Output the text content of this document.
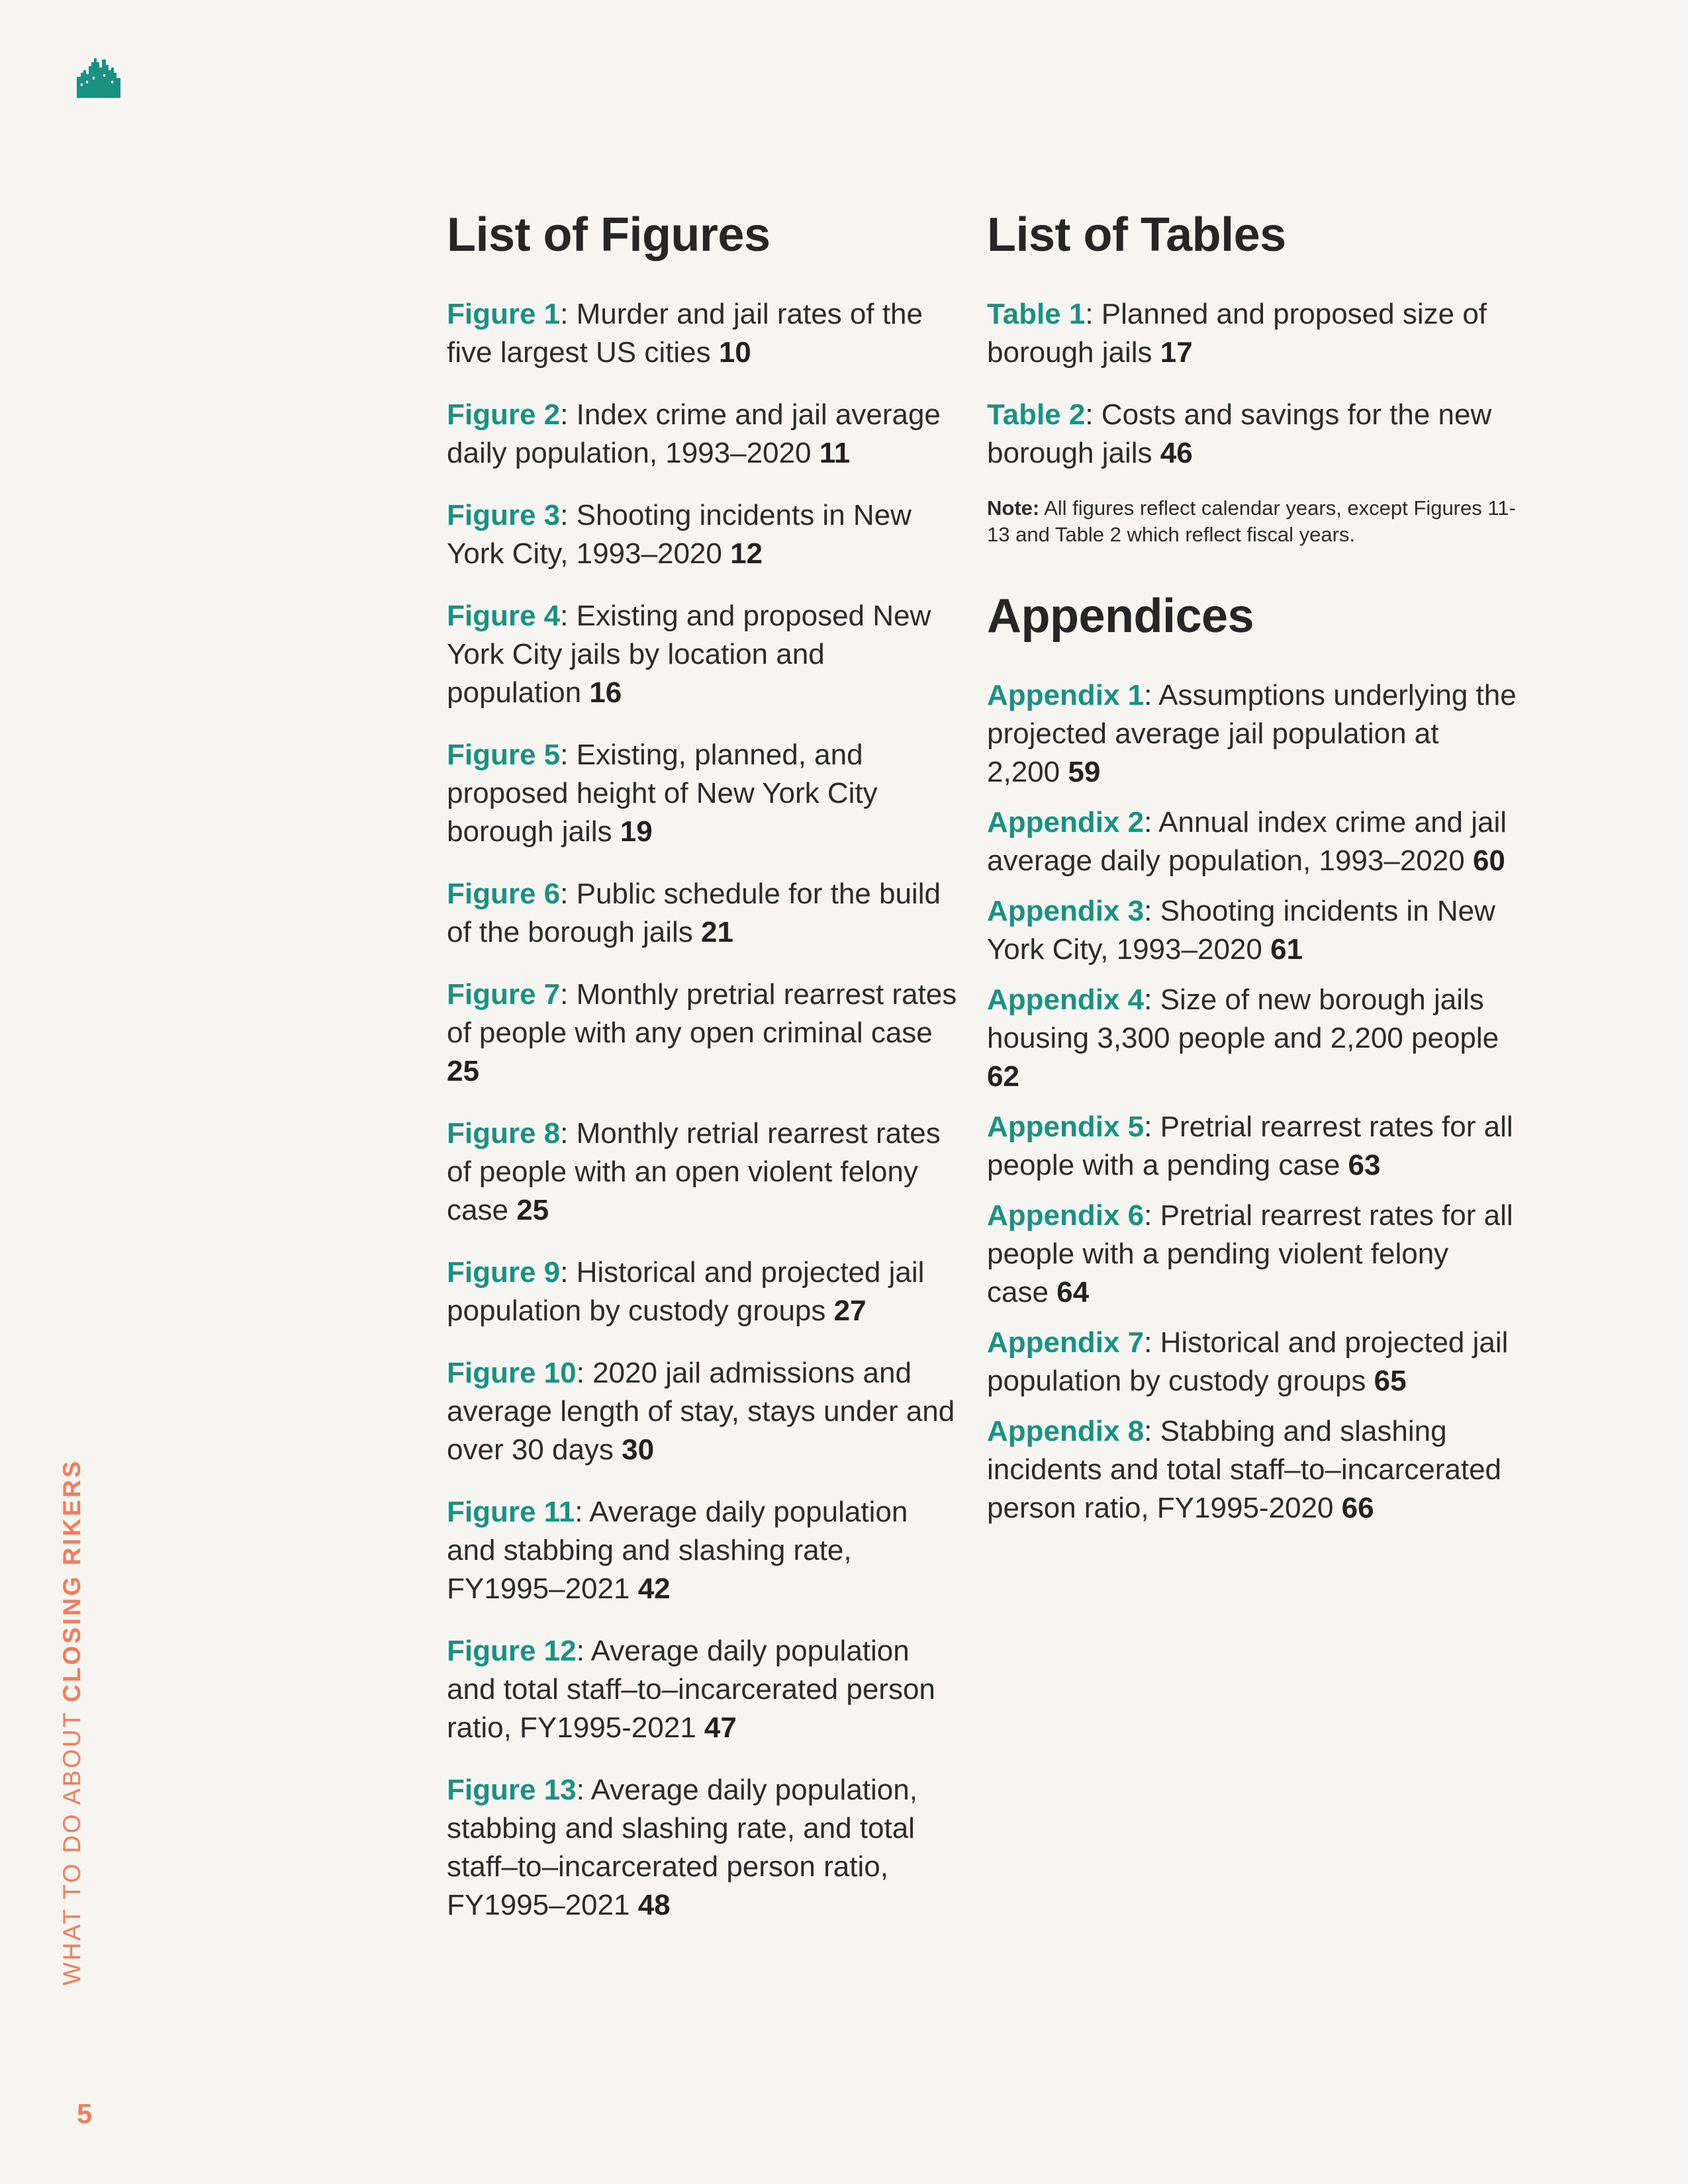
WHAT TO DO ABOUT CLOSING RIKERS
5
List of Figures

Figure 1: Murder and jail rates of the five largest US cities 10

Figure 2: Index crime and jail average daily population, 1993–2020 11

Figure 3: Shooting incidents in New York City, 1993–2020 12

Figure 4: Existing and proposed New York City jails by location and population 16

Figure 5: Existing, planned, and proposed height of New York City borough jails 19

Figure 6: Public schedule for the build of the borough jails 21

Figure 7: Monthly pretrial rearrest rates of people with any open criminal case 25

Figure 8: Monthly retrial rearrest rates of people with an open violent felony case 25

Figure 9: Historical and projected jail population by custody groups 27

Figure 10: 2020 jail admissions and average length of stay, stays under and over 30 days 30

Figure 11: Average daily population and stabbing and slashing rate, FY1995–2021 42

Figure 12: Average daily population and total staff–to–incarcerated person ratio, FY1995-2021 47

Figure 13: Average daily population, stabbing and slashing rate, and total staff–to–incarcerated person ratio, FY1995–2021 48

List of Tables

Table 1: Planned and proposed size of borough jails 17

Table 2: Costs and savings for the new borough jails 46

Note: All figures reflect calendar years, except Figures 11-13 and Table 2 which reflect fiscal years.

Appendices

Appendix 1: Assumptions underlying the projected average jail population at 2,200 59

Appendix 2: Annual index crime and jail average daily population, 1993–2020 60

Appendix 3: Shooting incidents in New York City, 1993–2020 61

Appendix 4: Size of new borough jails housing 3,300 people and 2,200 people 62

Appendix 5: Pretrial rearrest rates for all people with a pending case 63

Appendix 6: Pretrial rearrest rates for all people with a pending violent felony case 64

Appendix 7: Historical and projected jail population by custody groups 65

Appendix 8: Stabbing and slashing incidents and total staff–to–incarcerated person ratio, FY1995-2020 66
